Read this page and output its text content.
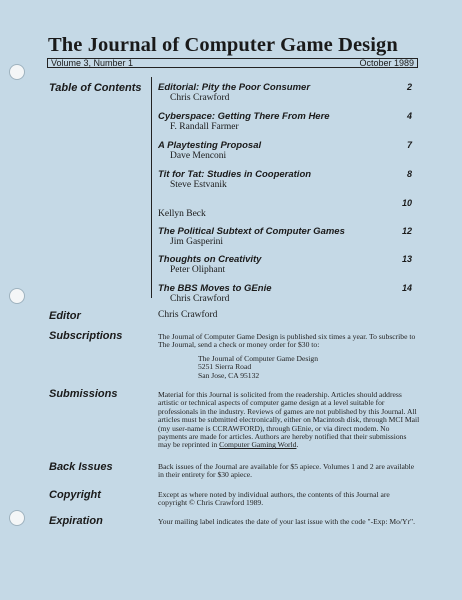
The Journal of Computer Game Design
Volume 3, Number 1	October 1989
Table of Contents
Editor
Subscriptions
Submissions
Back Issues
Copyright
Expiration
Editorial: Pity the Poor Consumer
Chris Crawford
2
Cyberspace: Getting There From Here
F. Randall Farmer
4
A Playtesting Proposal
Dave Menconi
7
Tit for Tat: Studies in Cooperation
Steve Estvanik
8
Kellyn Beck
10
The Political Subtext of Computer Games
Jim Gasperini
12
Thoughts on Creativity
Peter Oliphant
13
The BBS Moves to GEnie
Chris Crawford
14
Chris Crawford
The Journal of Computer Game Design is published six times a year. To subscribe to The Journal, send a check or money order for $30 to:
The Journal of Computer Game Design
5251 Sierra Road
San Jose, CA 95132
Material for this Journal is solicited from the readership. Articles should address artistic or technical aspects of computer game design at a level suitable for professionals in the industry. Reviews of games are not published by this Journal. All articles must be submitted electronically, either on Macintosh disk, through MCI Mail (my user-name is CCRAWFORD), through GEnie, or via direct modem. No payments are made for articles. Authors are hereby notified that their submissions may be reprinted in Computer Gaming World.
Back issues of the Journal are available for $5 apiece. Volumes 1 and 2 are available in their entirety for $30 apiece.
Except as where noted by individual authors, the contents of this Journal are copyright © Chris Crawford 1989.
Your mailing label indicates the date of your last issue with the code "-Exp: Mo/Yr".
